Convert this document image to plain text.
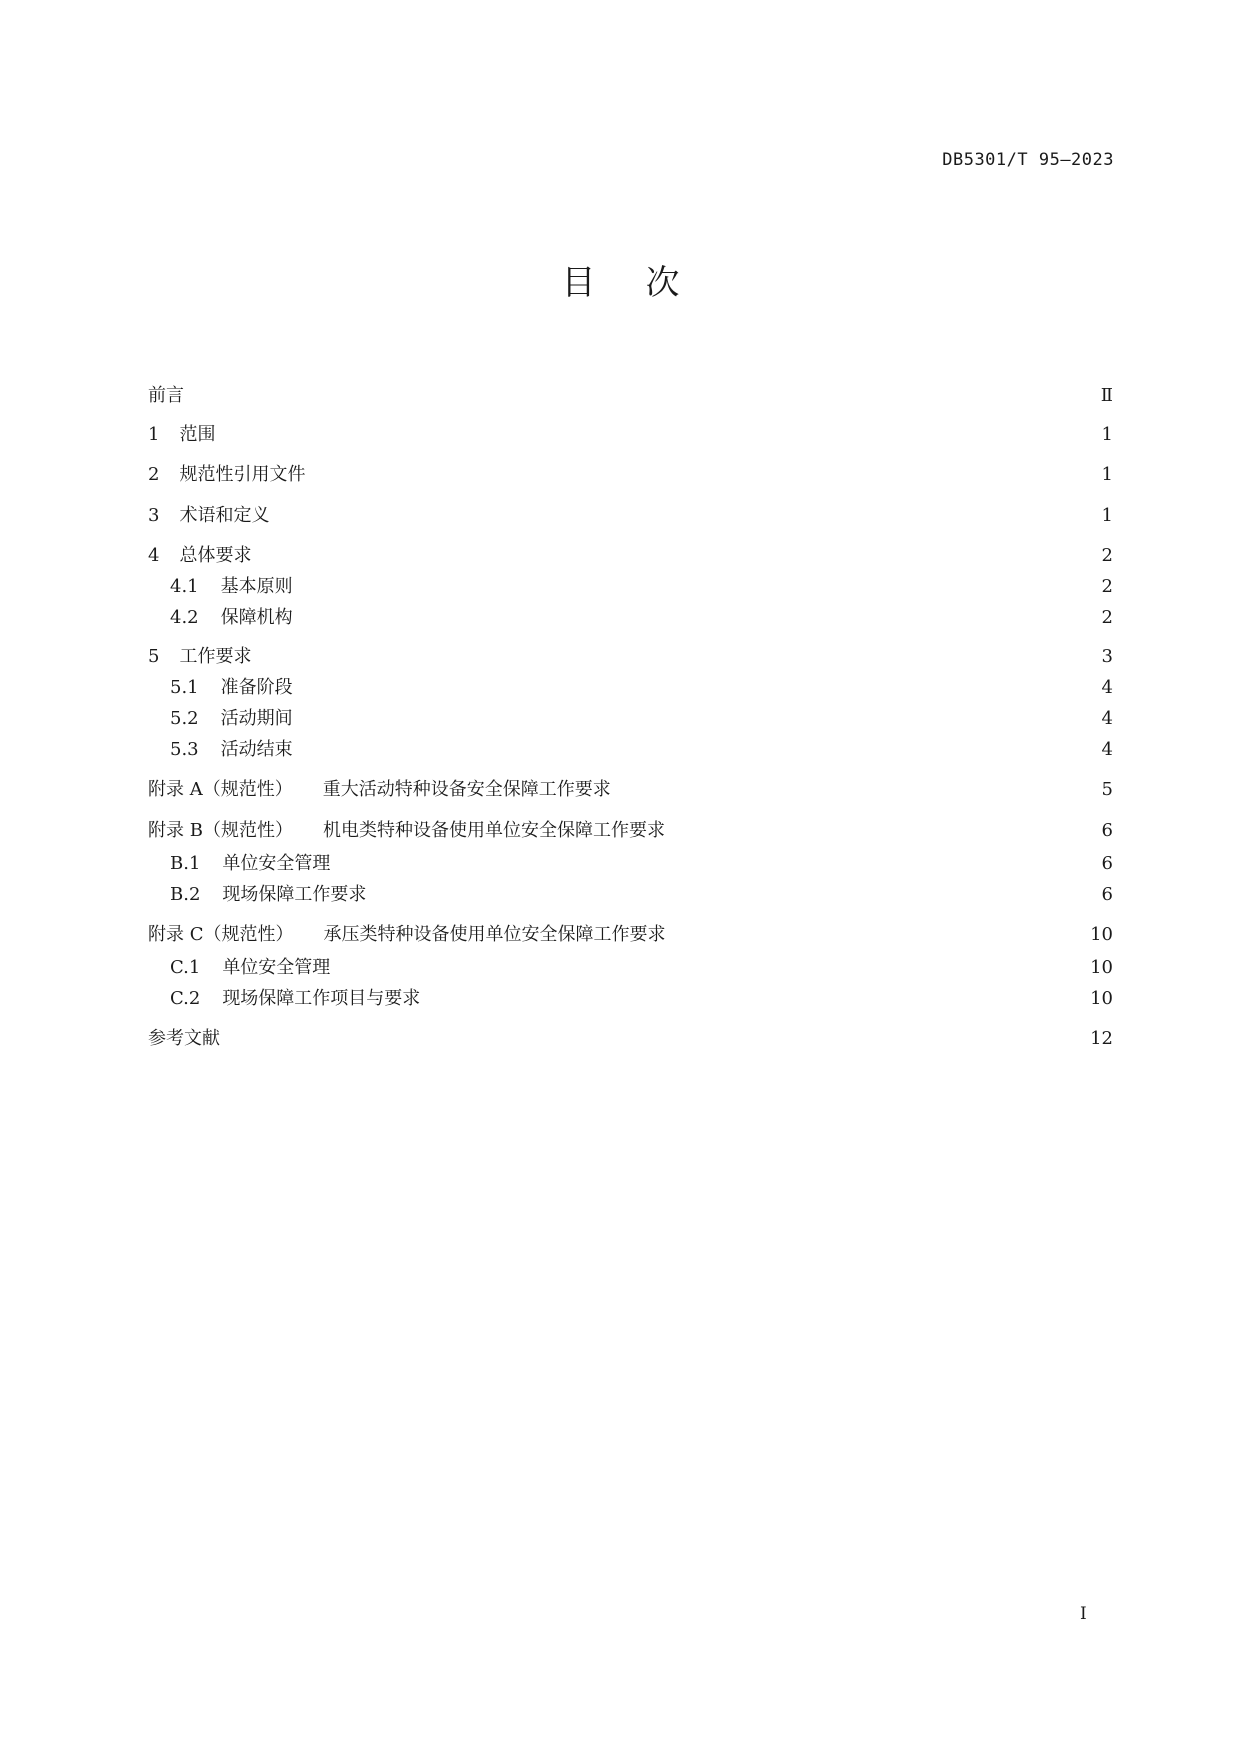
DB5301/T 95—2023
目次
前言	Ⅱ
1 范围	1
2 规范性引用文件	1
3 术语和定义	1
4 总体要求	2
4.1 基本原则	2
4.2 保障机构	2
5 工作要求	3
5.1 准备阶段	4
5.2 活动期间	4
5.3 活动结束	4
附录 A（规范性） 重大活动特种设备安全保障工作要求	5
附录 B（规范性） 机电类特种设备使用单位安全保障工作要求	6
B.1 单位安全管理	6
B.2 现场保障工作要求	6
附录 C（规范性） 承压类特种设备使用单位安全保障工作要求	10
C.1 单位安全管理	10
C.2 现场保障工作项目与要求	10
参考文献	12
I
